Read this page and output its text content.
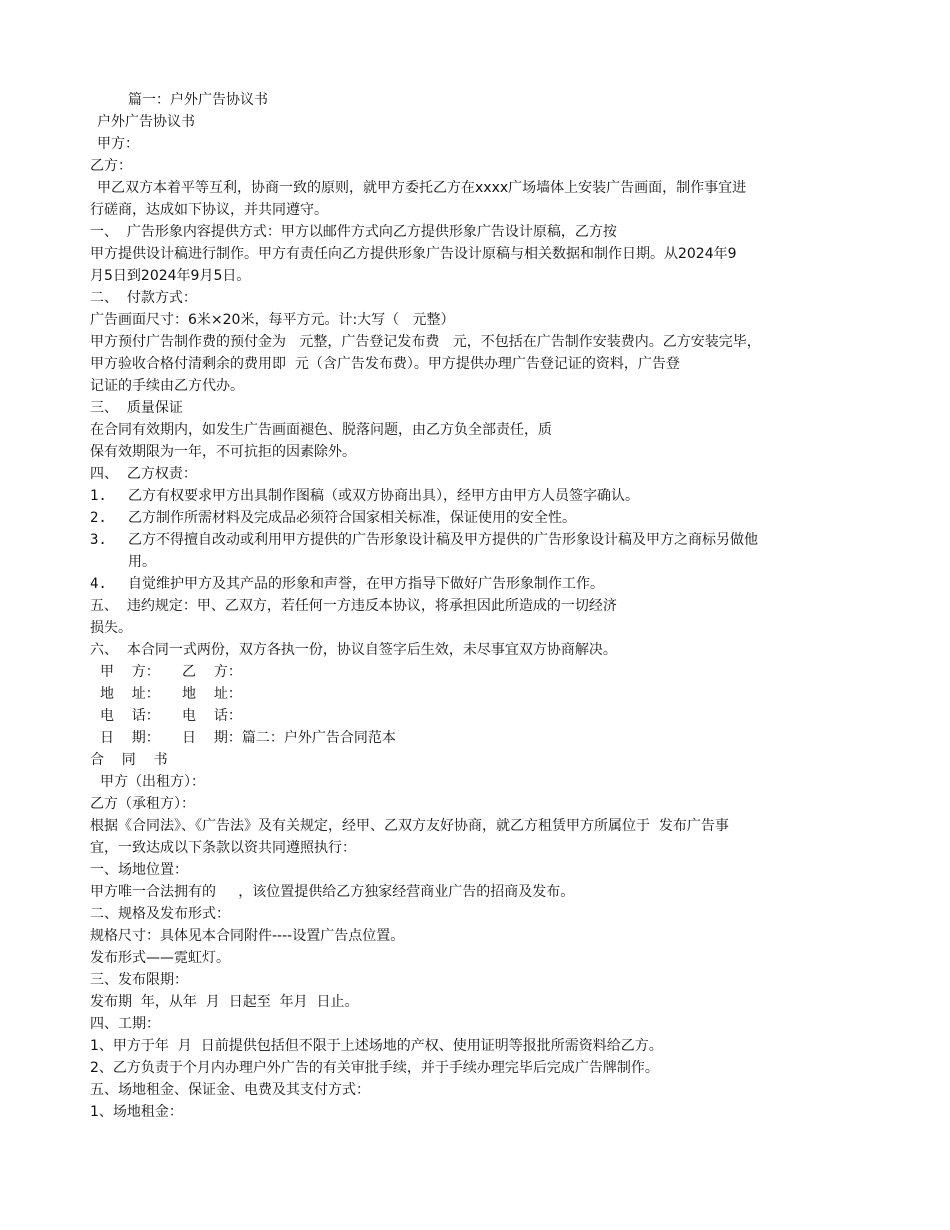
篇一：户外广告协议书
户外广告协议书
甲方：
乙方：
甲乙双方本着平等互利，协商一致的原则，就甲方委托乙方在xxxx广场墙体上安装广告画面，制作事宜进
行磋商，达成如下协议，并共同遵守。
一、  广告形象内容提供方式：甲方以邮件方式向乙方提供形象广告设计原稿，乙方按
甲方提供设计稿进行制作。甲方有责任向乙方提供形象广告设计原稿与相关数据和制作日期。从2024年9
月5日到2024年9月5日。
二、  付款方式：
广告画面尺寸：6米×20米，每平方元。计:大写（   元整）
甲方预付广告制作费的预付金为   元整，广告登记发布费   元，不包括在广告制作安装费内。乙方安装完毕，
甲方验收合格付清剩余的费用即  元（含广告发布费）。甲方提供办理广告登记证的资料，广告登
记证的手续由乙方代办。
三、  质量保证
在合同有效期内，如发生广告画面褪色、脱落问题，由乙方负全部责任，质
保有效期限为一年，不可抗拒的因素除外。
四、  乙方权责：
1. 乙方有权要求甲方出具制作图稿（或双方协商出具），经甲方由甲方人员签字确认。
2. 乙方制作所需材料及完成品必须符合国家相关标准，保证使用的安全性。
3. 乙方不得擅自改动或利用甲方提供的广告形象设计稿及甲方提供的广告形象设计稿及甲方之商标另做他
用。
4. 自觉维护甲方及其产品的形象和声誉，在甲方指导下做好广告形象制作工作。
五、  违约规定：甲、乙双方，若任何一方违反本协议，将承担因此所造成的一切经济
损失。
六、  本合同一式两份，双方各执一份，协议自签字后生效，未尽事宜双方协商解决。
甲    方：     乙    方：
地    址：     地    址：
电    话：     电    话：
日    期：     日    期：篇二：户外广告合同范本
合    同    书
甲方（出租方）：
乙方（承租方）：
根据《合同法》、《广告法》及有关规定，经甲、乙双方友好协商，就乙方租赁甲方所属位于  发布广告事
宜，一致达成以下条款以资共同遵照执行：
一、场地位置：
甲方唯一合法拥有的     ，该位置提供给乙方独家经营商业广告的招商及发布。
二、规格及发布形式：
规格尺寸：具体见本合同附件----设置广告点位置。
发布形式——霓虹灯。
三、发布限期：
发布期  年，从年  月  日起至  年月  日止。
四、工期：
1、甲方于年  月  日前提供包括但不限于上述场地的产权、使用证明等报批所需资料给乙方。
2、乙方负责于个月内办理户外广告的有关审批手续，并于手续办理完毕后完成广告牌制作。
五、场地租金、保证金、电费及其支付方式：
1、场地租金：
